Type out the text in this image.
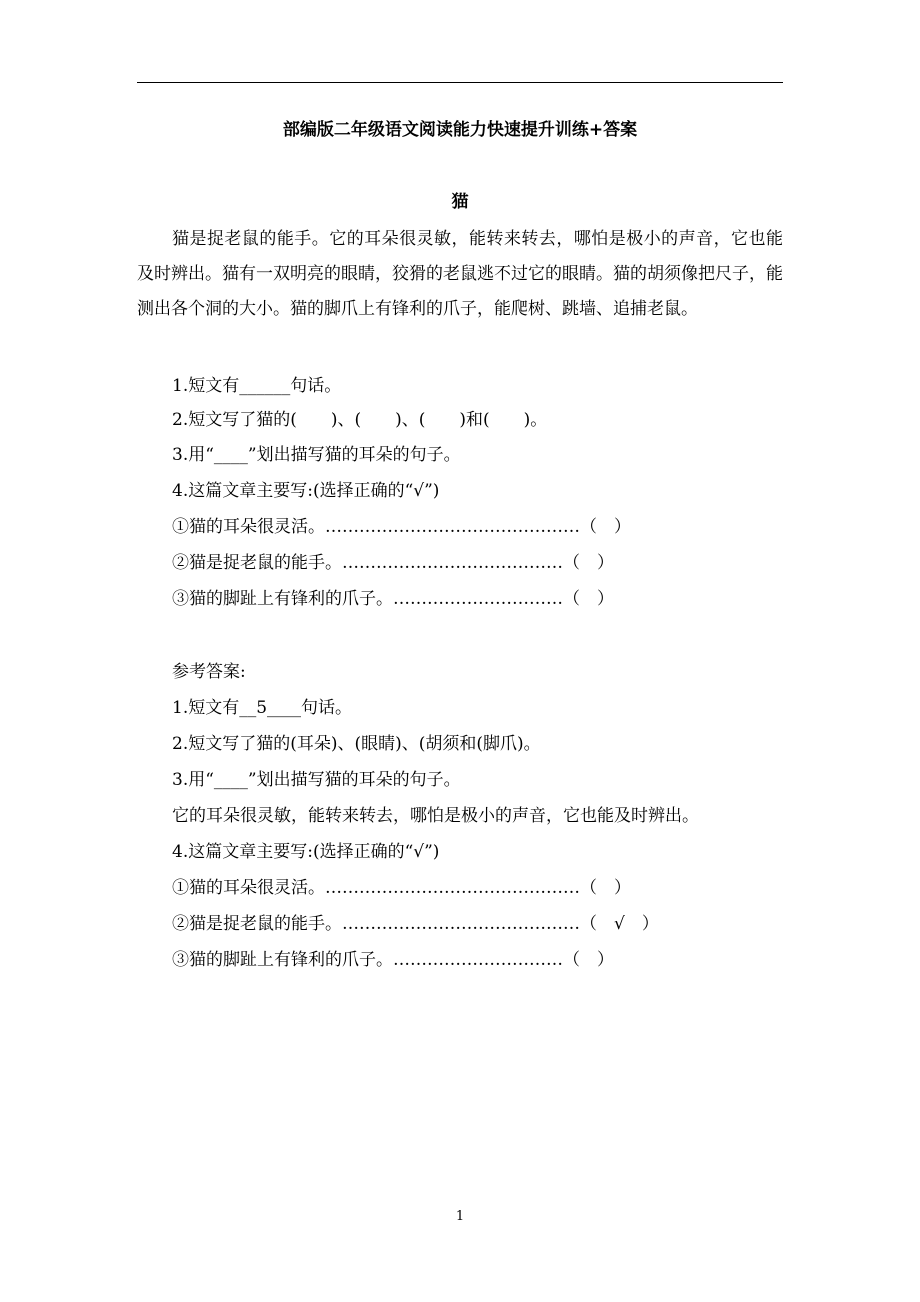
部编版二年级语文阅读能力快速提升训练+答案
猫
猫是捉老鼠的能手。它的耳朵很灵敏，能转来转去，哪怕是极小的声音，它也能及时辨出。猫有一双明亮的眼睛，狡猾的老鼠逃不过它的眼睛。猫的胡须像把尺子，能测出各个洞的大小。猫的脚爪上有锋利的爪子，能爬树、跳墙、追捕老鼠。
1.短文有______句话。
2.短文写了猫的(　　)、(　　)、(　　)和(　　)。
3.用“____”划出描写猫的耳朵的句子。
4.这篇文章主要写:(选择正确的“√”)
①猫的耳朵很灵活。………………………………………（　）
②猫是捉老鼠的能手。…………………………………（　）
③猫的脚趾上有锋利的爪子。…………………………（　）
参考答案:
1.短文有__5____句话。
2.短文写了猫的(耳朵)、(眼睛)、(胡须和(脚爪)。
3.用“____”划出描写猫的耳朵的句子。
它的耳朵很灵敏，能转来转去，哪怕是极小的声音，它也能及时辨出。
4.这篇文章主要写:(选择正确的“√”)
①猫的耳朵很灵活。………………………………………（　）
②猫是捉老鼠的能手。……………………………………（　√　）
③猫的脚趾上有锋利的爪子。…………………………（　）
1
